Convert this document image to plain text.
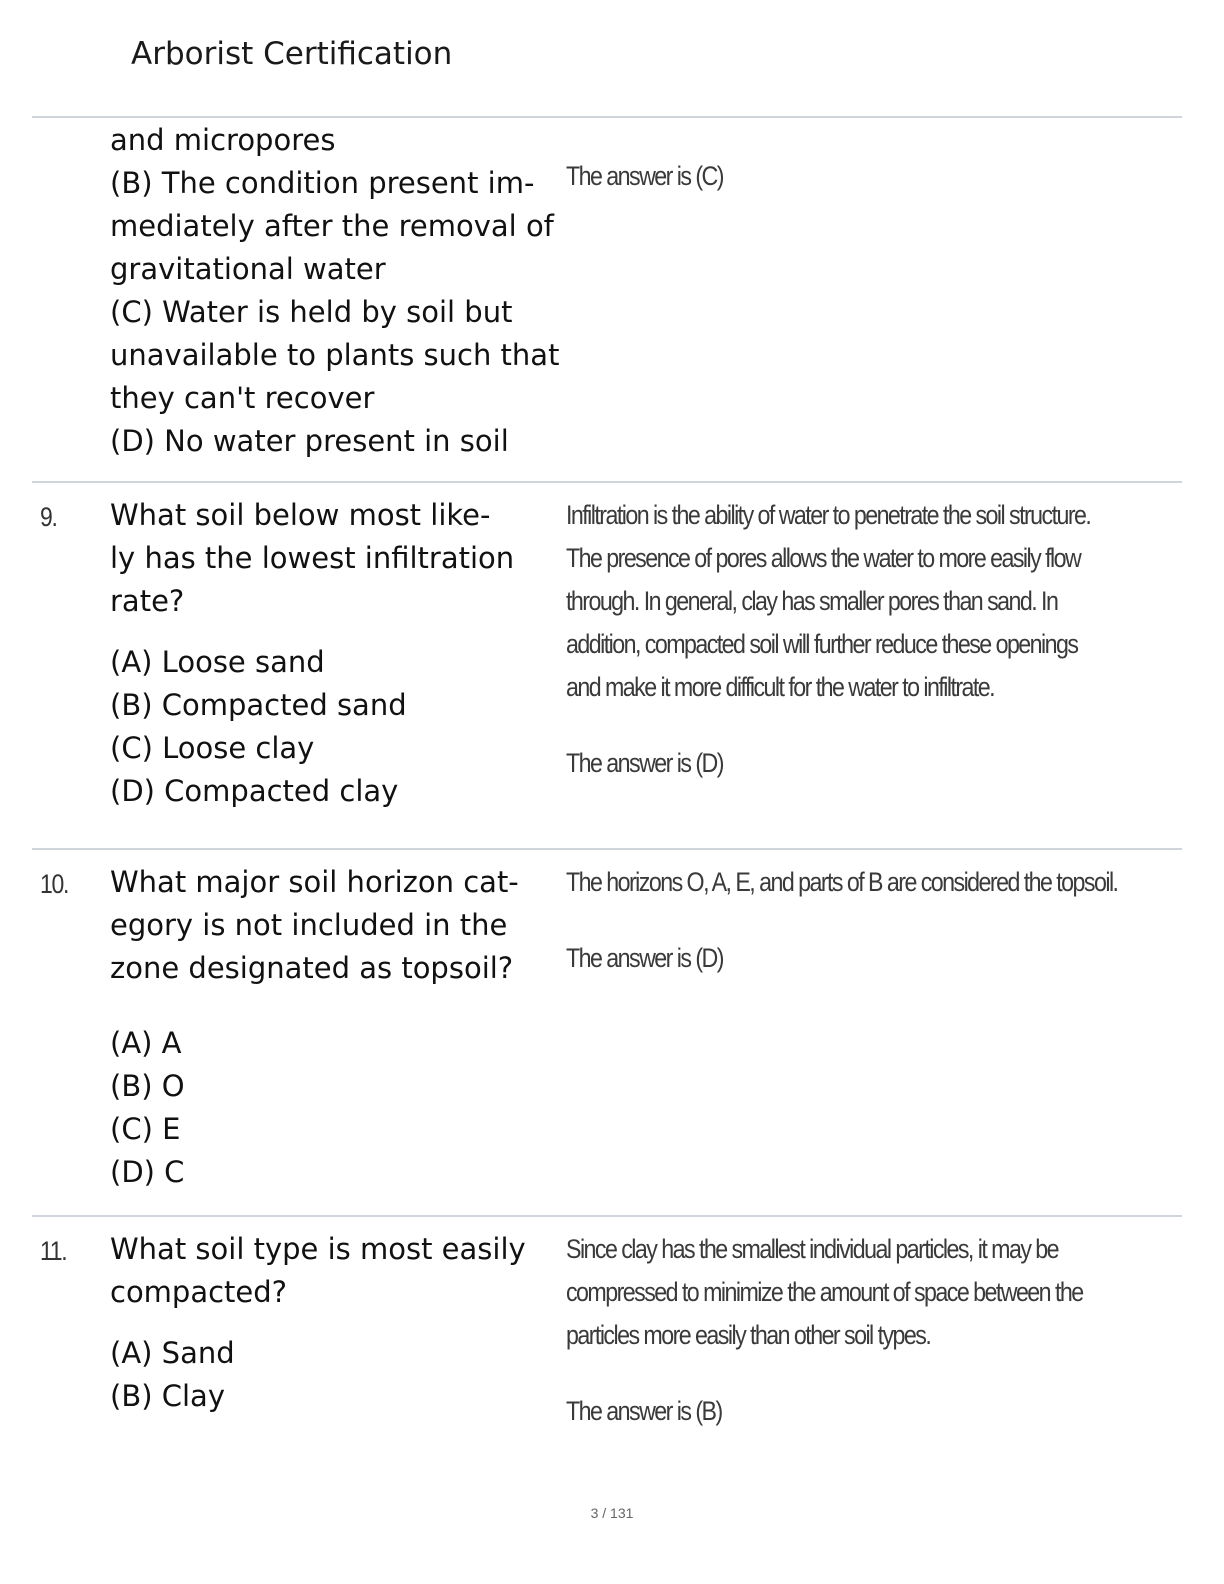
Arborist Certification
and micropores
(B) The condition present im-
mediately after the removal of
gravitational water
(C) Water is held by soil but
unavailable to plants such that
they can't recover
(D) No water present in soil
The answer is (C)
9. What soil below most like-
ly has the lowest infiltration
rate?
(A) Loose sand
(B) Compacted sand
(C) Loose clay
(D) Compacted clay
Infiltration is the ability of water to penetrate the soil structure.
The presence of pores allows the water to more easily flow
through. In general, clay has smaller pores than sand. In
addition, compacted soil will further reduce these openings
and make it more difficult for the water to infiltrate.
The answer is (D)
10. What major soil horizon cat-
egory is not included in the
zone designated as topsoil?
(A) A
(B) O
(C) E
(D) C
The horizons O, A, E, and parts of B are considered the topsoil.
The answer is (D)
11. What soil type is most easily
compacted?
(A) Sand
(B) Clay
Since clay has the smallest individual particles, it may be
compressed to minimize the amount of space between the
particles more easily than other soil types.
The answer is (B)
3 / 131
